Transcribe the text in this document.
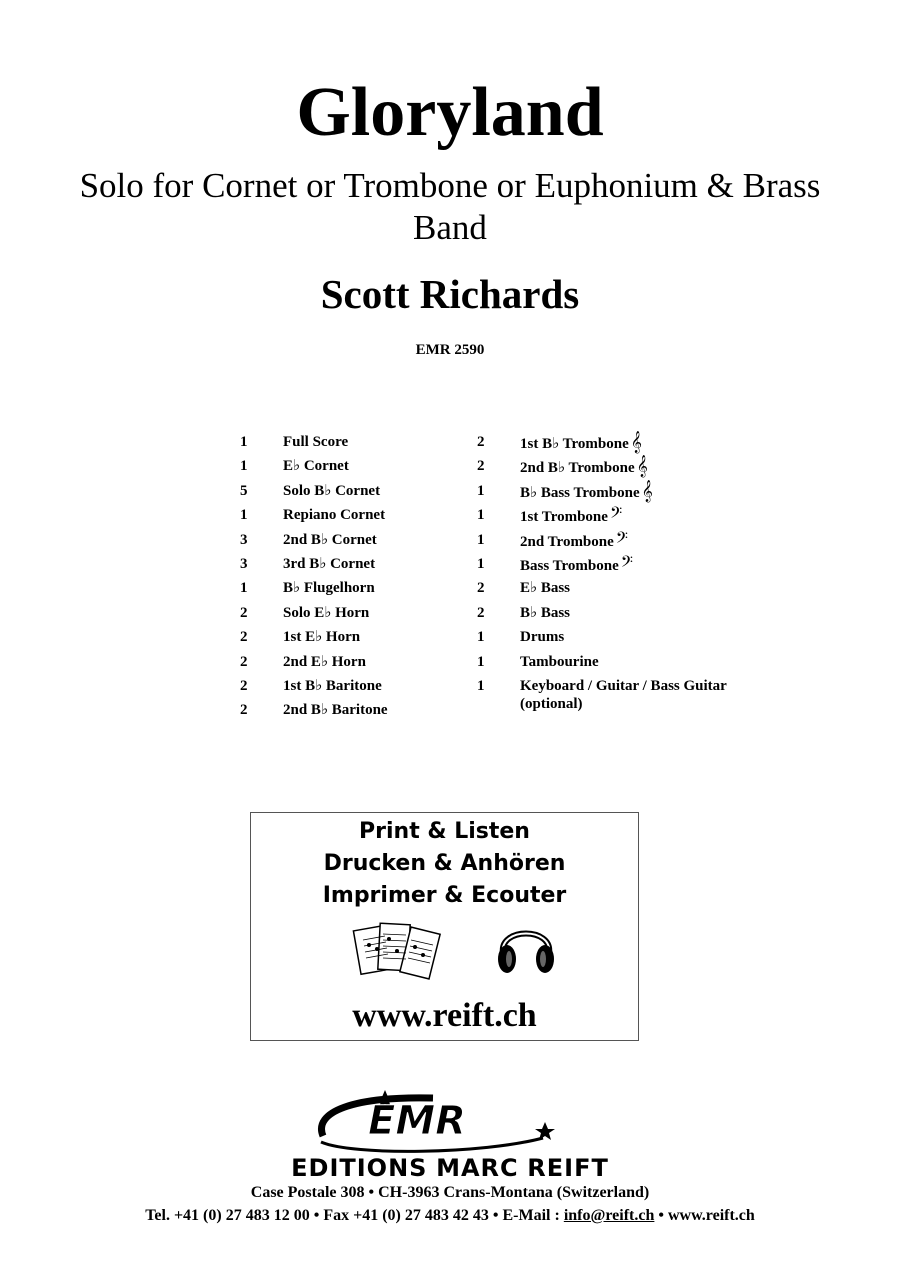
Gloryland
Solo for Cornet or Trombone or Euphonium & Brass Band
Scott Richards
EMR 2590
1	Full Score
1	E♭ Cornet
5	Solo B♭ Cornet
1	Repiano Cornet
3	2nd B♭ Cornet
3	3rd B♭ Cornet
1	B♭ Flugelhorn
2	Solo E♭ Horn
2	1st E♭ Horn
2	2nd E♭ Horn
2	1st B♭ Baritone
2	2nd B♭ Baritone
2	1st B♭ Trombone 𝄞
2	2nd B♭ Trombone 𝄞
1	B♭ Bass Trombone 𝄞
1	1st Trombone 𝄢
1	2nd Trombone 𝄢
1	Bass Trombone 𝄢
2	E♭ Bass
2	B♭ Bass
1	Drums
1	Tambourine
1	Keyboard / Guitar / Bass Guitar (optional)
Print & Listen
Drucken & Anhören
Imprimer & Ecouter
www.reift.ch
EMR
EDITIONS MARC REIFT
Case Postale 308 • CH-3963 Crans-Montana (Switzerland)
Tel. +41 (0) 27 483 12 00 • Fax +41 (0) 27 483 42 43 • E-Mail : info@reift.ch • www.reift.ch
